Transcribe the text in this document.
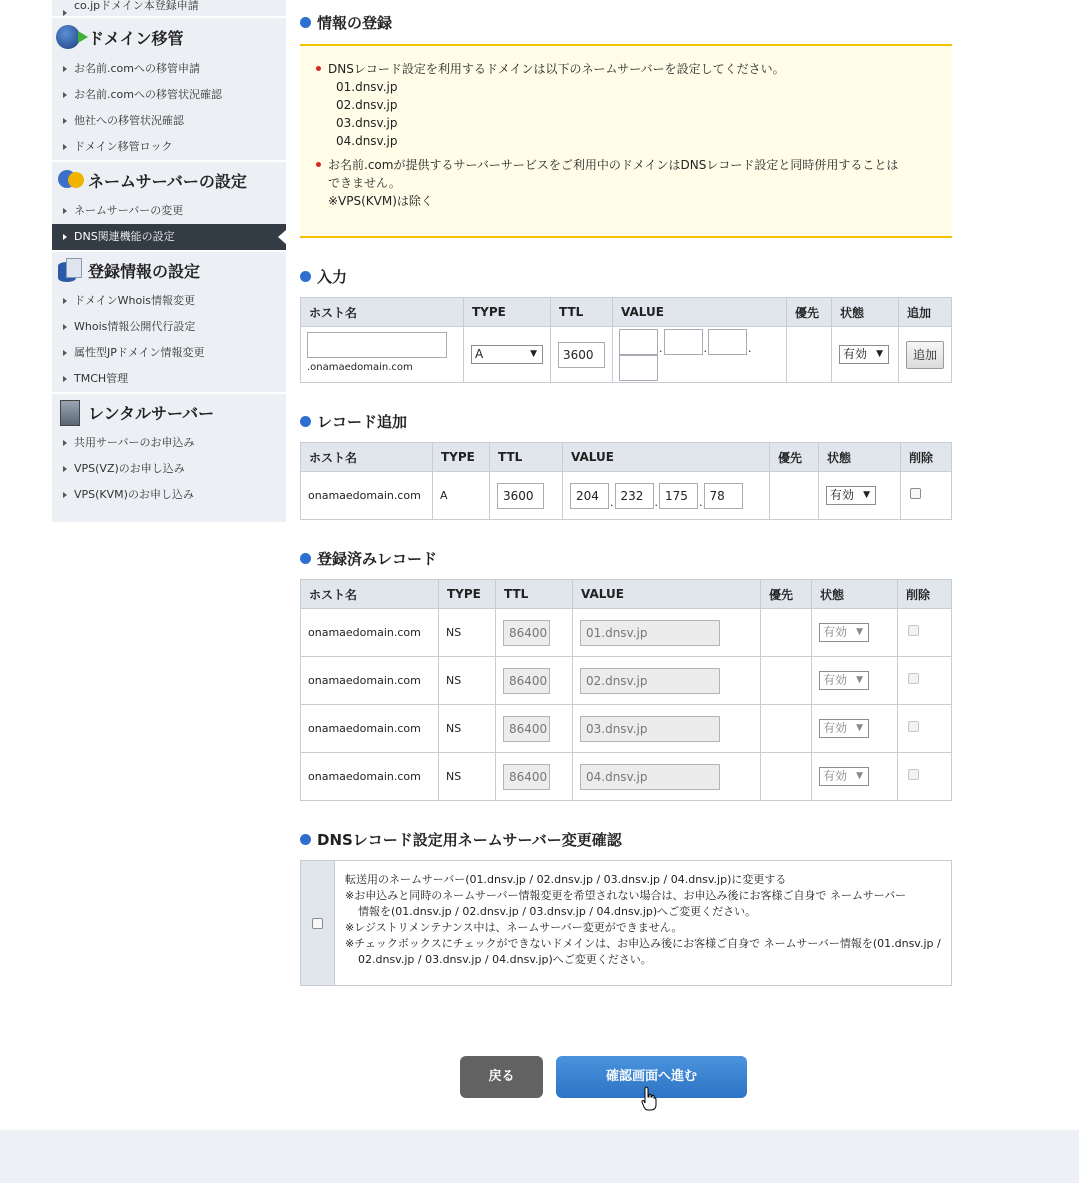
co.jpドメイン本登録申請
ドメイン移管
お名前.comへの移管申請
お名前.comへの移管状況確認
他社への移管状況確認
ドメイン移管ロック
ネームサーバーの設定
ネームサーバーの変更
DNS関連機能の設定
登録情報の設定
ドメインWhois情報変更
Whois情報公開代行設定
属性型JPドメイン情報変更
TMCH管理
レンタルサーバー
共用サーバーのお申込み
VPS(VZ)のお申し込み
VPS(KVM)のお申し込み
情報の登録
DNSレコード設定を利用するドメインは以下のネームサーバーを設定してください。
01.dnsv.jp
02.dnsv.jp
03.dnsv.jp
04.dnsv.jp
お名前.comが提供するサーバーサービスをご利用中のドメインはDNSレコード設定と同時併用することは
できません。
※VPS(KVM)は除く
入力
ホスト名	TYPE	TTL	VALUE	優先	状態	追加

.onamaedomain.com	A ▼	3600	. . .		有効 ▼	追加
レコード追加
ホスト名	TYPE	TTL	VALUE	優先	状態	削除
onamaedomain.com	A	3600	204 . 232 . 175 . 78		有効 ▼	

登録済みレコード
ホスト名	TYPE	TTL	VALUE	優先	状態	削除
onamaedomain.com	NS	86400	01.dnsv.jp		有効 ▼	

onamaedomain.com	NS	86400	02.dnsv.jp		有効 ▼	

onamaedomain.com	NS	86400	03.dnsv.jp		有効 ▼	

onamaedomain.com	NS	86400	04.dnsv.jp		有効 ▼	

DNSレコード設定用ネームサーバー変更確認
転送用のネームサーバー(01.dnsv.jp / 02.dnsv.jp / 03.dnsv.jp / 04.dnsv.jp)に変更する
※お申込みと同時のネームサーバー情報変更を希望されない場合は、お申込み後にお客様ご自身で ネームサーバー
情報を(01.dnsv.jp / 02.dnsv.jp / 03.dnsv.jp / 04.dnsv.jp)へご変更ください。
※レジストリメンテナンス中は、ネームサーバー変更ができません。
※チェックボックスにチェックができないドメインは、お申込み後にお客様ご自身で ネームサーバー情報を(01.dnsv.jp /
02.dnsv.jp / 03.dnsv.jp / 04.dnsv.jp)へご変更ください。
戻る	確認画面へ進む
